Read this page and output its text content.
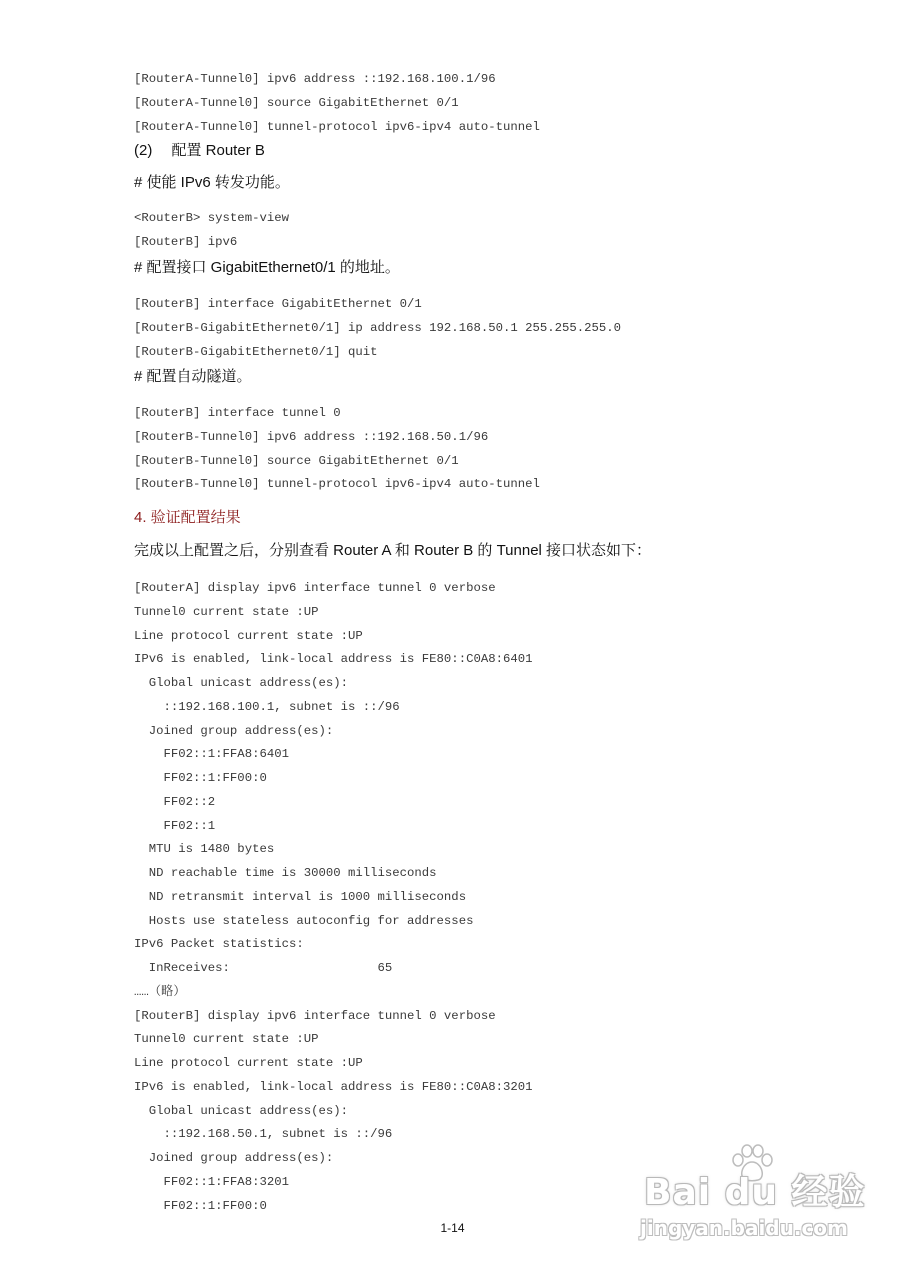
[RouterA-Tunnel0] ipv6 address ::192.168.100.1/96
[RouterA-Tunnel0] source GigabitEthernet 0/1
[RouterA-Tunnel0] tunnel-protocol ipv6-ipv4 auto-tunnel
(2)　 配置 Router B
# 使能 IPv6 转发功能。
<RouterB> system-view
[RouterB] ipv6
# 配置接口 GigabitEthernet0/1 的地址。
[RouterB] interface GigabitEthernet 0/1
[RouterB-GigabitEthernet0/1] ip address 192.168.50.1 255.255.255.0
[RouterB-GigabitEthernet0/1] quit
# 配置自动隧道。
[RouterB] interface tunnel 0
[RouterB-Tunnel0] ipv6 address ::192.168.50.1/96
[RouterB-Tunnel0] source GigabitEthernet 0/1
[RouterB-Tunnel0] tunnel-protocol ipv6-ipv4 auto-tunnel
4. 验证配置结果
完成以上配置之后，分别查看 Router A 和 Router B 的 Tunnel 接口状态如下：
[RouterA] display ipv6 interface tunnel 0 verbose
Tunnel0 current state :UP
Line protocol current state :UP
IPv6 is enabled, link-local address is FE80::C0A8:6401
Global unicast address(es):
::192.168.100.1, subnet is ::/96
Joined group address(es):
FF02::1:FFA8:6401
FF02::1:FF00:0
FF02::2
FF02::1
MTU is 1480 bytes
ND reachable time is 30000 milliseconds
ND retransmit interval is 1000 milliseconds
Hosts use stateless autoconfig for addresses
IPv6 Packet statistics:
InReceives:                    65
……（略）
[RouterB] display ipv6 interface tunnel 0 verbose
Tunnel0 current state :UP
Line protocol current state :UP
IPv6 is enabled, link-local address is FE80::C0A8:3201
Global unicast address(es):
::192.168.50.1, subnet is ::/96
Joined group address(es):
FF02::1:FFA8:3201
FF02::1:FF00:0
1-14
Bai du 经验
jingyan.baidu.com
